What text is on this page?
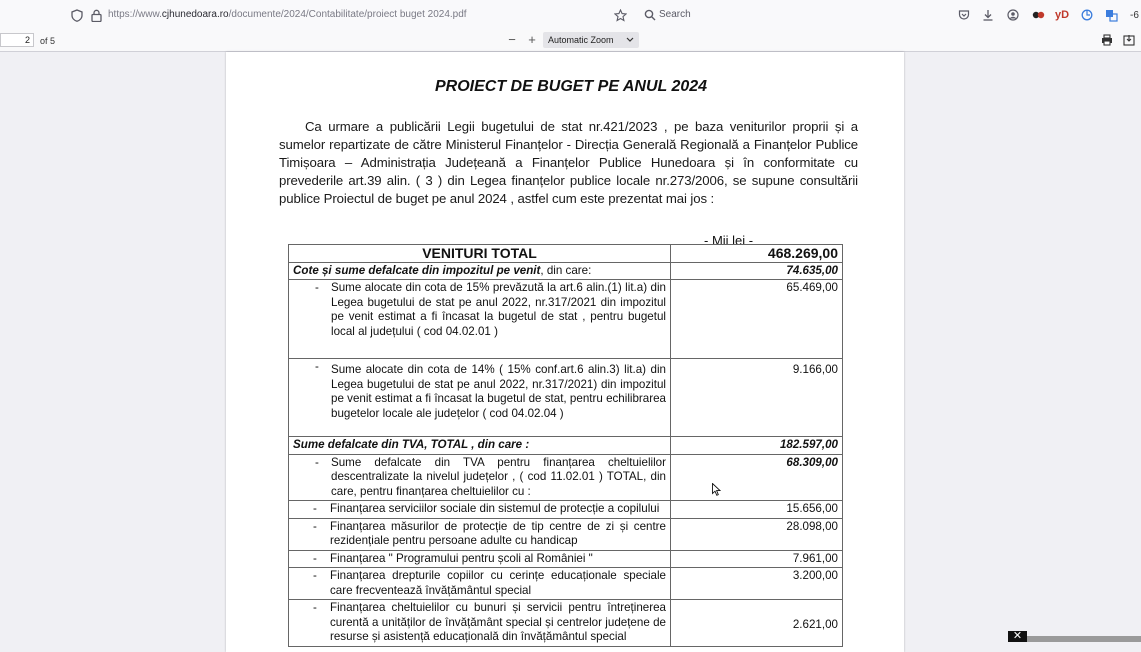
https://www.cjhunedoara.ro/documente/2024/Contabilitate/proiect buget 2024.pdf	Search	yD	-6
2	of 5	− +	Automatic Zoom
PROIECT DE BUGET PE ANUL 2024
Ca urmare a publicării Legii bugetului de stat nr.421/2023 , pe baza veniturilor proprii și a sumelor repartizate de către Ministerul Finanțelor - Direcția Generală Regională a Finanțelor Publice Timișoara – Administrația Județeană a Finanțelor Publice Hunedoara și în conformitate cu prevederile art.39 alin. ( 3 ) din Legea finanțelor publice locale nr.273/2006, se supune consultării publice Proiectul de buget pe anul 2024 , astfel cum este prezentat mai jos :
- Mii lei -
VENITURI TOTAL	468.269,00
Cote și sume defalcate din impozitul pe venit, din care:	74.635,00

- Sume alocate din cota de 15% prevăzută la art.6 alin.(1) lit.a) din Legea bugetului de stat pe anul 2022, nr.317/2021 din impozitul pe venit estimat a fi încasat la bugetul de stat , pentru bugetul local al județului ( cod 04.02.01 )	65.469,00

- Sume alocate din cota de 14% ( 15% conf.art.6 alin.3) lit.a) din Legea bugetului de stat pe anul 2022, nr.317/2021) din impozitul pe venit estimat a fi încasat la bugetul de stat, pentru echilibrarea bugetelor locale ale județelor ( cod 04.02.04 )	9.166,00
Sume defalcate din TVA, TOTAL , din care :	182.597,00

- Sume defalcate din TVA pentru finanțarea cheltuielilor descentralizate la nivelul județelor , ( cod 11.02.01 ) TOTAL, din care, pentru finanțarea cheltuielilor cu :	68.309,00

- Finanțarea serviciilor sociale din sistemul de protecție a copilului	15.656,00

- Finanțarea măsurilor de protecție de tip centre de zi și centre rezidențiale pentru persoane adulte cu handicap	28.098,00

- Finanțarea " Programului pentru școli al României "	7.961,00

- Finanțarea drepturile copiilor cu cerințe educaționale speciale care frecventează învățământul special	3.200,00

- Finanțarea cheltuielilor cu bunuri și servicii pentru întreținerea curentă a unităților de învățământ special și centrelor județene de resurse și asistență educațională din învățământul special	2.621,00
✕
